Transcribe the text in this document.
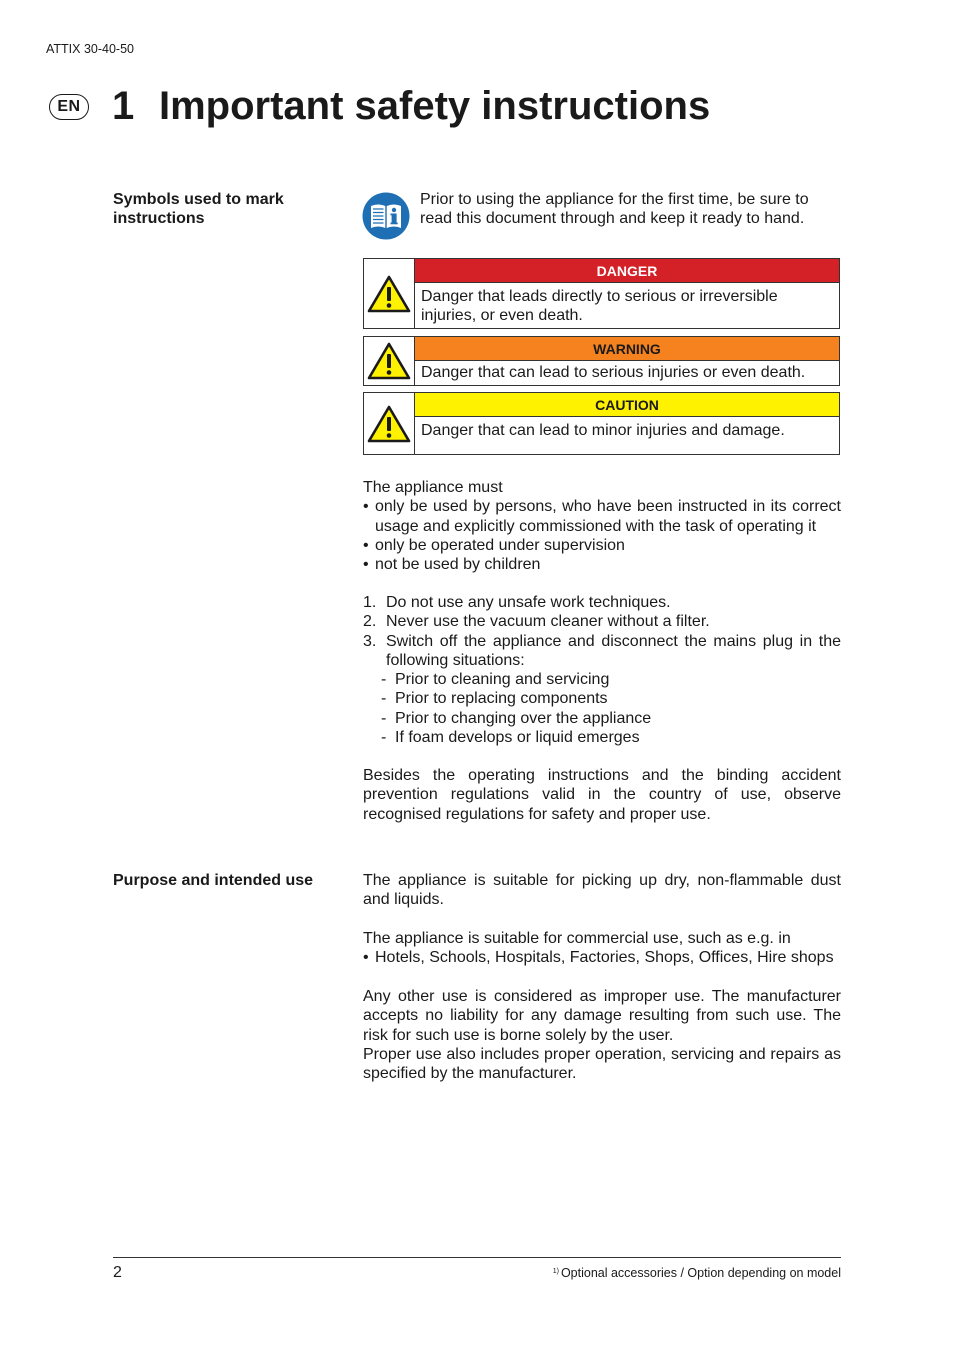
ATTIX 30-40-50
EN 1 Important safety instructions
Symbols used to mark instructions
Prior to using the appliance for the first time, be sure to read this document through and keep it ready to hand.
DANGER
Danger that leads directly to serious or irreversible injuries, or even death.
WARNING
Danger that can lead to serious injuries or even death.
CAUTION
Danger that can lead to minor injuries and damage.
The appliance must
• only be used by persons, who have been instructed in its correct usage and explicitly commissioned with the task of operating it
• only be operated under supervision
• not be used by children
1. Do not use any unsafe work techniques.
2. Never use the vacuum cleaner without a filter.
3. Switch off the appliance and disconnect the mains plug in the following situations:
- Prior to cleaning and servicing
- Prior to replacing components
- Prior to changing over the appliance
- If foam develops or liquid emerges
Besides the operating instructions and the binding accident prevention regulations valid in the country of use, observe recognised regulations for safety and proper use.
Purpose and intended use	The appliance is suitable for picking up dry, non-flammable dust and liquids.
The appliance is suitable for commercial use, such as e.g. in
• Hotels, Schools, Hospitals, Factories, Shops, Offices, Hire shops
Any other use is considered as improper use. The manufacturer accepts no liability for any damage resulting from such use. The risk for such use is borne solely by the user.
Proper use also includes proper operation, servicing and repairs as specified by the manufacturer.
2	$^{1)}$ Optional accessories / Option depending on model
